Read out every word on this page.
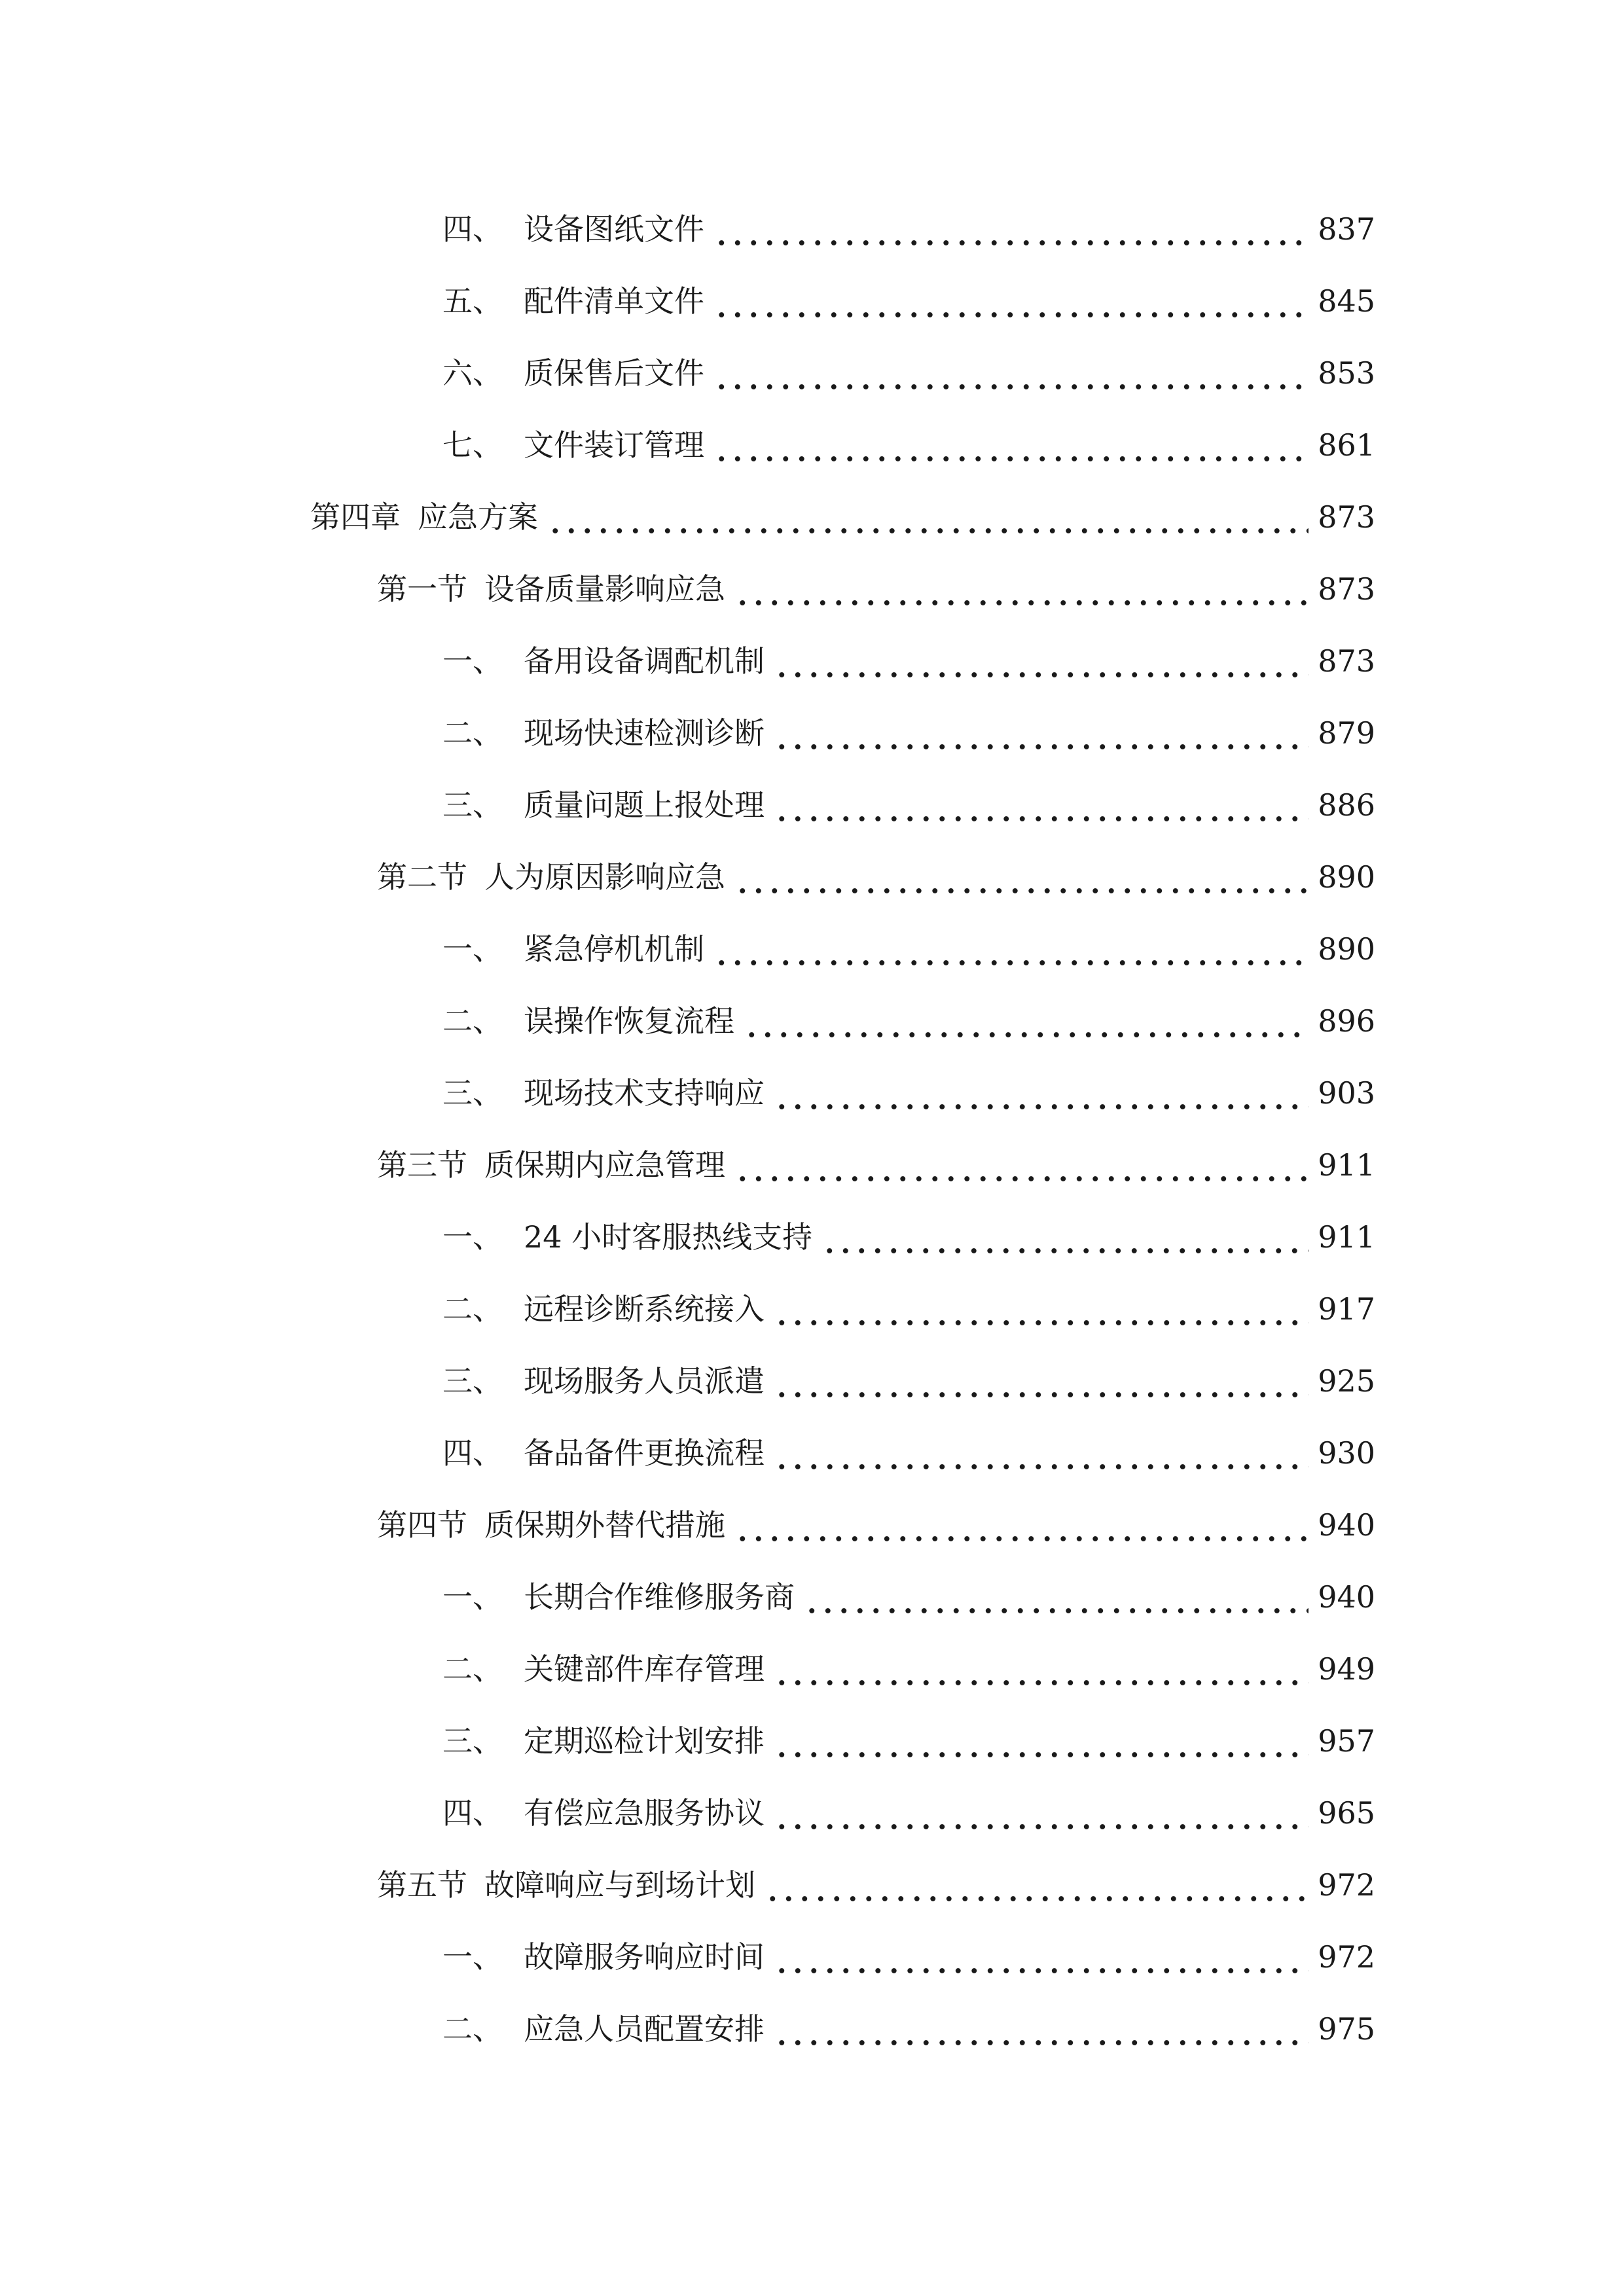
四、 设备图纸文件	837
五、 配件清单文件	845
六、 质保售后文件	853
七、 文件装订管理	861
第四章 应急方案	873
第一节 设备质量影响应急	873
一、 备用设备调配机制	873
二、 现场快速检测诊断	879
三、 质量问题上报处理	886
第二节 人为原因影响应急	890
一、 紧急停机机制	890
二、 误操作恢复流程	896
三、 现场技术支持响应	903
第三节 质保期内应急管理	911
一、 24 小时客服热线支持	911
二、 远程诊断系统接入	917
三、 现场服务人员派遣	925
四、 备品备件更换流程	930
第四节 质保期外替代措施	940
一、 长期合作维修服务商	940
二、 关键部件库存管理	949
三、 定期巡检计划安排	957
四、 有偿应急服务协议	965
第五节 故障响应与到场计划	972
一、 故障服务响应时间	972
二、 应急人员配置安排	975
